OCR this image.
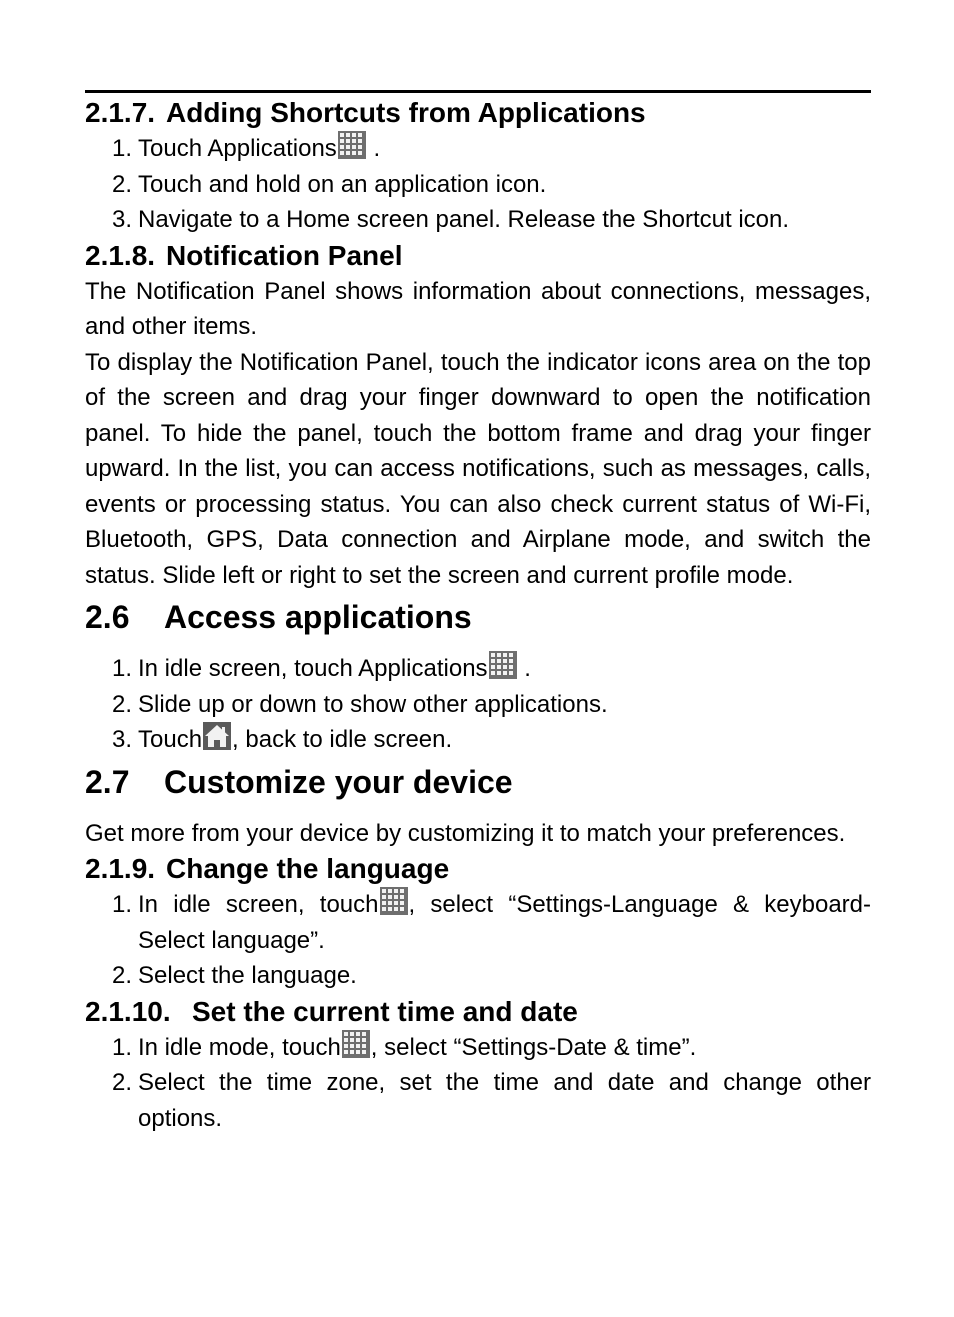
2.1.7. Adding Shortcuts from Applications
1. Touch Applications
.
2. Touch and hold on an application icon.
3. Navigate to a Home screen panel. Release the Shortcut icon.
2.1.8. Notification Panel

The Notification Panel shows information about connections, messages, and other items.

To display the Notification Panel, touch the indicator icons area on the top of the screen and drag your finger downward to open the notification panel. To hide the panel, touch the bottom frame and drag your finger upward. In the list, you can access notifications, such as messages, calls, events or processing status. You can also check current status of Wi-Fi, Bluetooth, GPS, Data connection and Airplane mode, and switch the status. Slide left or right to set the screen and current profile mode.

2.6	Access applications
1. In idle screen, touch Applications
.
2. Slide up or down to show other applications.
3. Touch , back to idle screen.
2.7	Customize your device

Get more from your device by customizing it to match your preferences.

2.1.9. Change the language
1. In idle screen, touch , select “Settings-Language & keyboard-Select language”.
2. Select the language.
2.1.10. Set the current time and date
1. In idle mode, touch , select “Settings-Date & time”.
2. Select the time zone, set the time and date and change other options.
